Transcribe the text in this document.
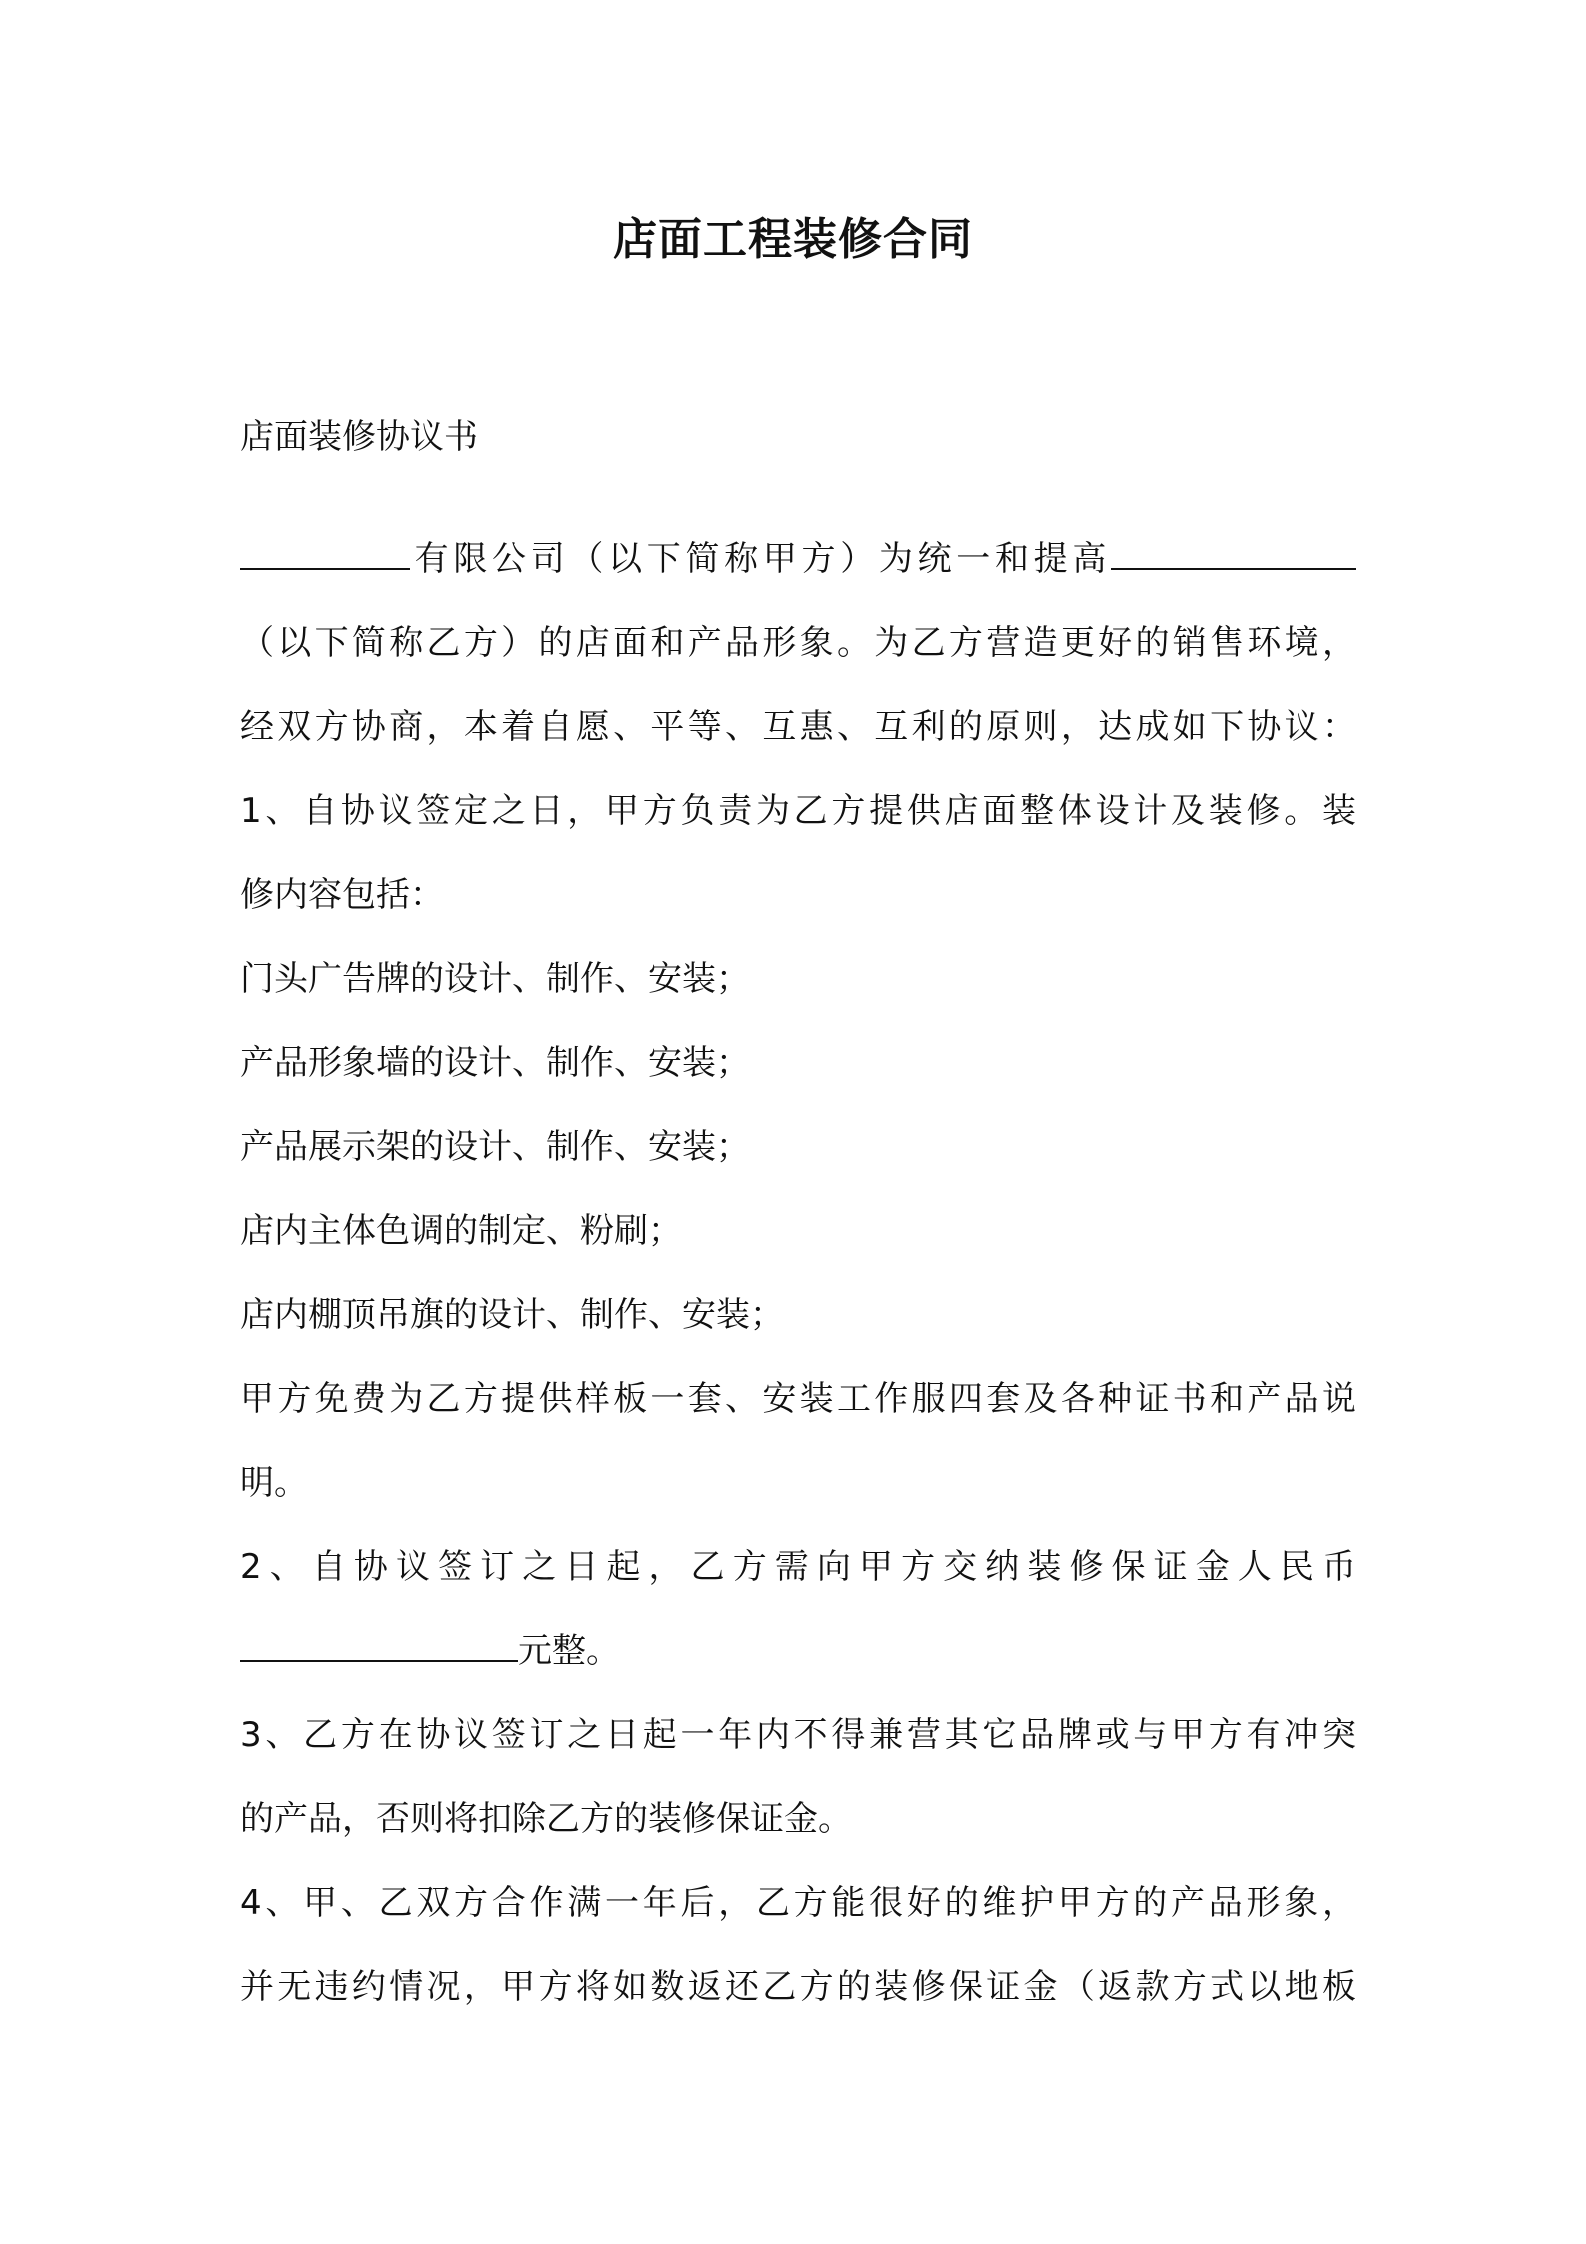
店面工程装修合同

店面装修协议书

有限公司（以下简称甲方）为统一和提高

（以下简称乙方）的店面和产品形象。为乙方营造更好的销售环境，

经双方协商，本着自愿、平等、互惠、互利的原则，达成如下协议：

1、自协议签定之日，甲方负责为乙方提供店面整体设计及装修。装

修内容包括：

门头广告牌的设计、制作、安装；

产品形象墙的设计、制作、安装；

产品展示架的设计、制作、安装；

店内主体色调的制定、粉刷；

店内棚顶吊旗的设计、制作、安装；

甲方免费为乙方提供样板一套、安装工作服四套及各种证书和产品说

明。

2、自协议签订之日起，乙方需向甲方交纳装修保证金人民币

元整。

3、乙方在协议签订之日起一年内不得兼营其它品牌或与甲方有冲突

的产品，否则将扣除乙方的装修保证金。

4、甲、乙双方合作满一年后，乙方能很好的维护甲方的产品形象，

并无违约情况，甲方将如数返还乙方的装修保证金（返款方式以地板
